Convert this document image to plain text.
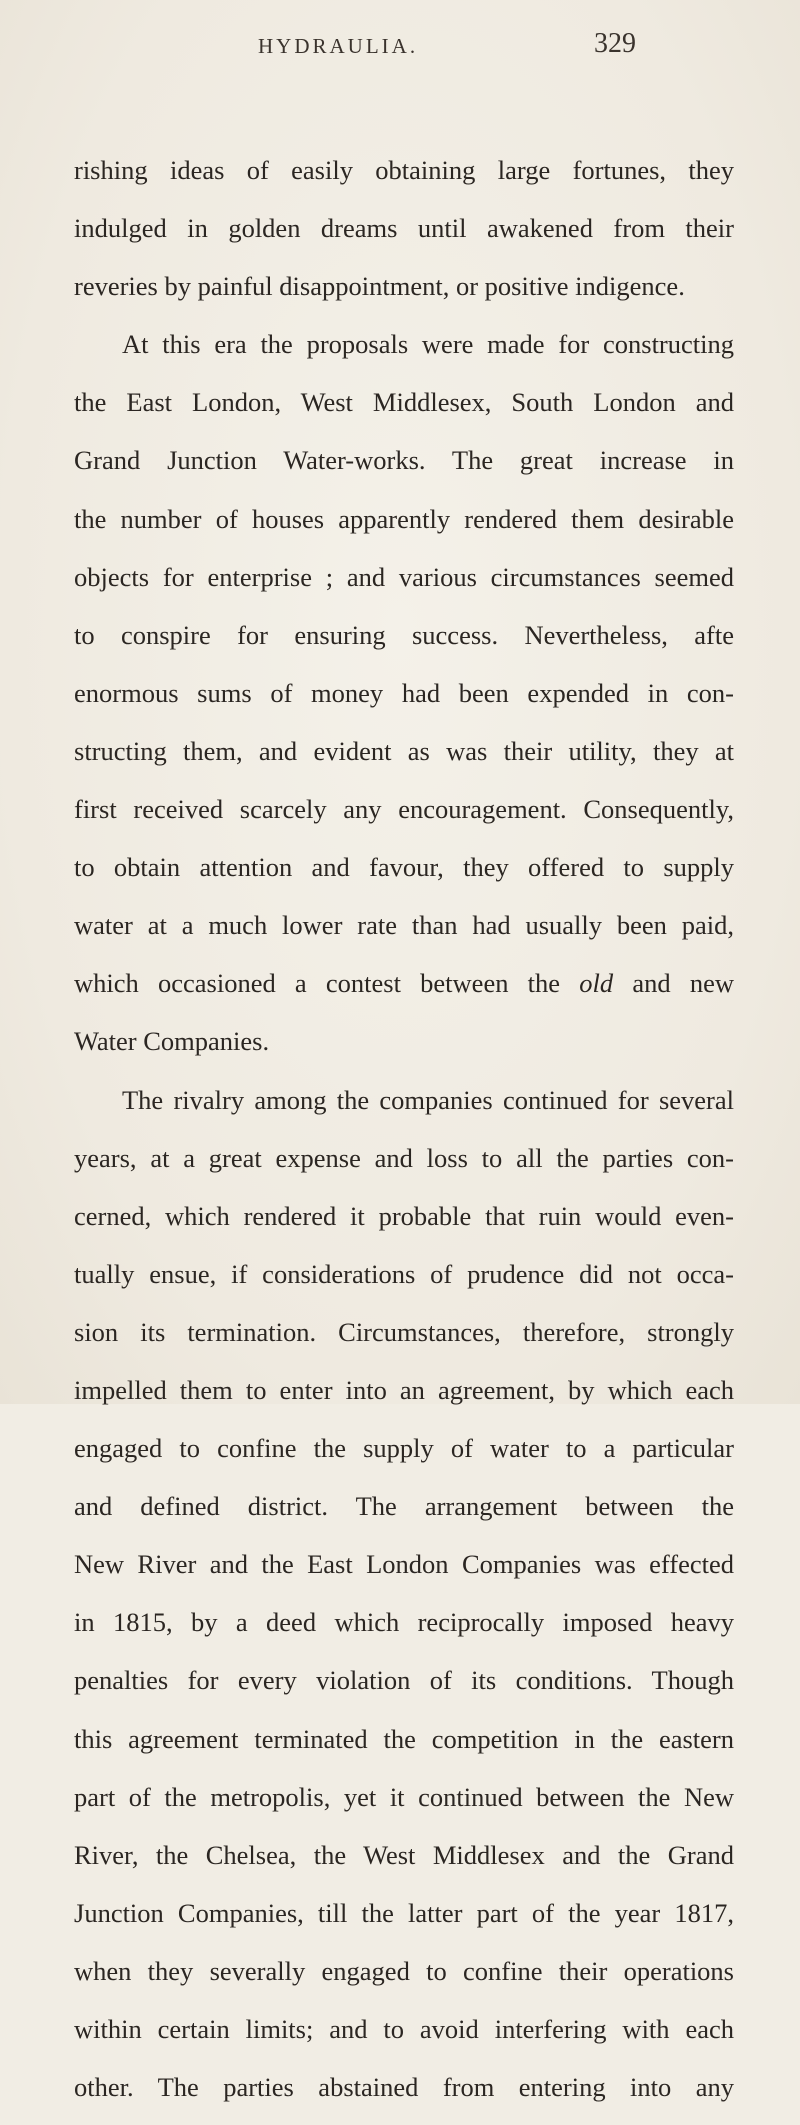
HYDRAULIA.	329
rishing ideas of easily obtaining large fortunes, they
indulged in golden dreams until awakened from their
reveries by painful disappointment, or positive indigence.
At this era the proposals were made for constructing
the East London, West Middlesex, South London and
Grand Junction Water-works. The great increase in
the number of houses apparently rendered them desirable
objects for enterprise ; and various circumstances seemed
to conspire for ensuring success. Nevertheless, afte
enormous sums of money had been expended in con-
structing them, and evident as was their utility, they at
first received scarcely any encouragement. Consequently,
to obtain attention and favour, they offered to supply
water at a much lower rate than had usually been paid,
which occasioned a contest between the old and new
Water Companies.
The rivalry among the companies continued for several
years, at a great expense and loss to all the parties con-
cerned, which rendered it probable that ruin would even-
tually ensue, if considerations of prudence did not occa-
sion its termination. Circumstances, therefore, strongly
impelled them to enter into an agreement, by which each
engaged to confine the supply of water to a particular
and defined district. The arrangement between the
New River and the East London Companies was effected
in 1815, by a deed which reciprocally imposed heavy
penalties for every violation of its conditions. Though
this agreement terminated the competition in the eastern
part of the metropolis, yet it continued between the New
River, the Chelsea, the West Middlesex and the Grand
Junction Companies, till the latter part of the year 1817,
when they severally engaged to confine their operations
within certain limits; and to avoid interfering with each
other. The parties abstained from entering into any
